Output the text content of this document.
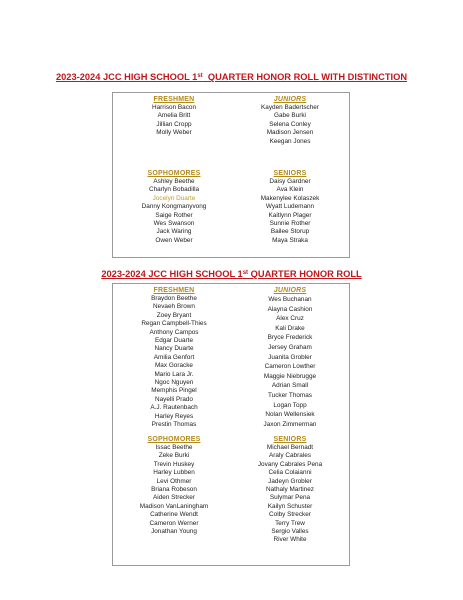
2023-2024 JCC HIGH SCHOOL 1st  QUARTER HONOR ROLL WITH DISTINCTION
FRESHMEN
Harrison Bacon
Amelia Britt
Jillian Cropp
Molly Weber
JUNIORS
Kayden Badertscher
Gabe Burki
Selena Conley
Madison Jensen
Keegan Jones
SOPHOMORES
Ashley Beethe
Charlyn Bobadilla
Jocelyn Duarte
Danny Kongmanyvong
Saige Rother
Wes Swanson
Jack Waring
Owen Weber
SENIORS
Daisy Gardner
Ava Klein
Makenylee Kolaszek
Wyatt Ludemann
Kaitlynn Plager
Sunnie Rother
Bailee Storup
Maya Straka
2023-2024 JCC HIGH SCHOOL 1st QUARTER HONOR ROLL
FRESHMEN
Braydon Beethe
Nevaeh Brown
Zoey Bryant
Regan Campbell-Thies
Anthony Campos
Edgar Duarte
Nancy Duarte
Amilia Genfort
Max Goracke
Mario Lara Jr.
Ngoc Nguyen
Memphis Pingel
Nayelli Prado
A.J. Rautenbach
Harley Reyes
Prestin Thomas
JUNIORS
Wes Buchanan
Alayna Cashion
Alex Cruz
Kali Drake
Bryce Frederick
Jersey Graham
Juanita Grobler
Cameron Lowther
Maggie Niebrugge
Adrian Small
Tucker Thomas
Logan Topp
Nolan Wellensiek
Jaxon Zimmerman
SOPHOMORES
Issac Beethe
Zeke Burki
Trevin Huskey
Harley Lubben
Levi Othmer
Briana Robeson
Aiden Strecker
Madison VanLaningham
Catherine Wendt
Cameron Werner
Jonathan Young
SENIORS
Michael Bernadt
Araly Cabrales
Jovany Cabrales Pena
Celia Colaianni
Jadeyn Grobler
Nathaly Martinez
Sulymar Pena
Kailyn Schuster
Colby Strecker
Terry Trew
Sergio Valles
River White
